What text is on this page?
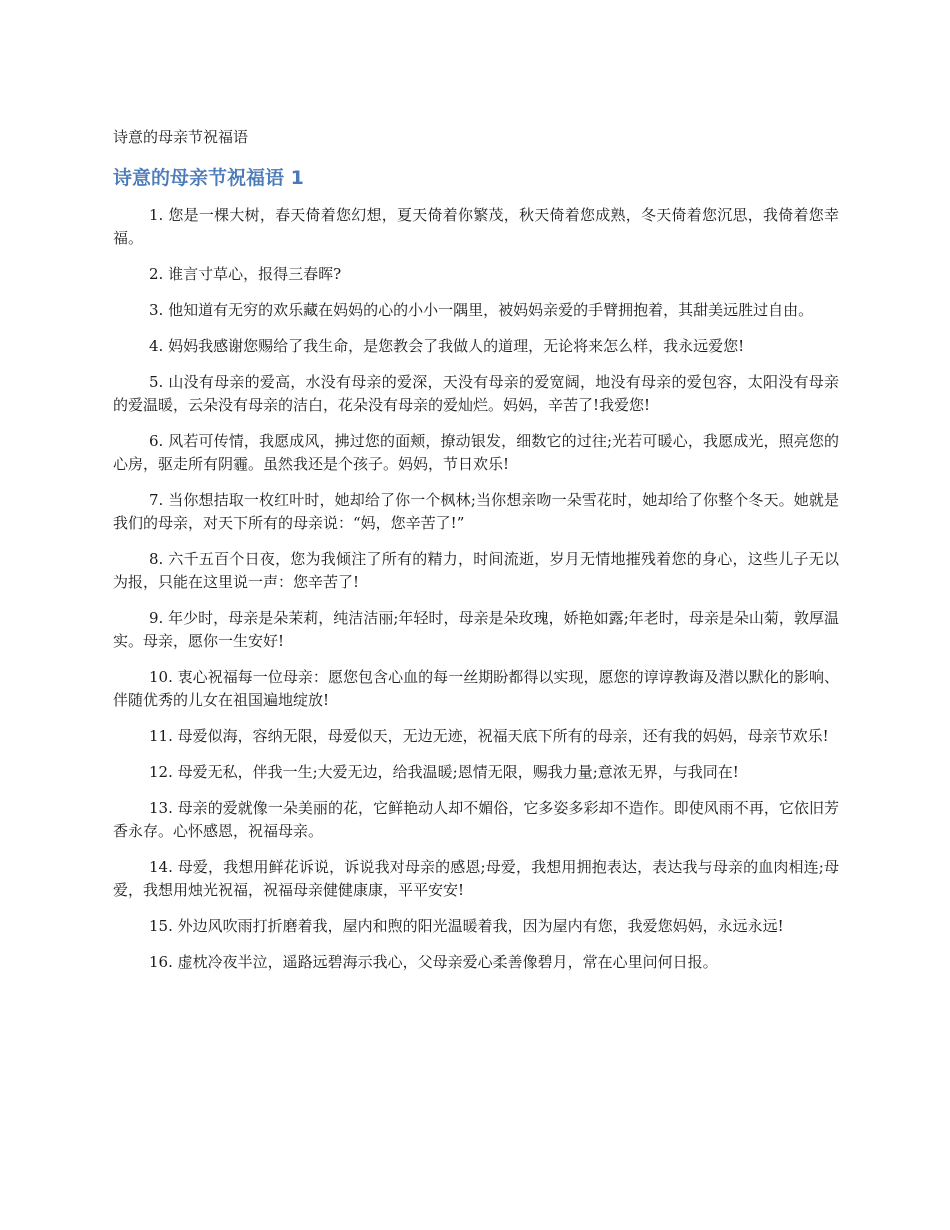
诗意的母亲节祝福语
诗意的母亲节祝福语 1
1. 您是一棵大树，春天倚着您幻想，夏天倚着你繁茂，秋天倚着您成熟，冬天倚着您沉思，我倚着您幸福。
2. 谁言寸草心，报得三春晖?
3. 他知道有无穷的欢乐藏在妈妈的心的小小一隅里，被妈妈亲爱的手臂拥抱着，其甜美远胜过自由。
4. 妈妈我感谢您赐给了我生命，是您教会了我做人的道理，无论将来怎么样，我永远爱您!
5. 山没有母亲的爱高，水没有母亲的爱深，天没有母亲的爱宽阔，地没有母亲的爱包容，太阳没有母亲的爱温暖，云朵没有母亲的洁白，花朵没有母亲的爱灿烂。妈妈，辛苦了!我爱您!
6. 风若可传情，我愿成风，拂过您的面颊，撩动银发，细数它的过往;光若可暖心，我愿成光，照亮您的心房，驱走所有阴霾。虽然我还是个孩子。妈妈，节日欢乐!
7. 当你想拮取一枚红叶时，她却给了你一个枫林;当你想亲吻一朵雪花时，她却给了你整个冬天。她就是我们的母亲，对天下所有的母亲说：“妈，您辛苦了!”
8. 六千五百个日夜，您为我倾注了所有的精力，时间流逝，岁月无情地摧残着您的身心，这些儿子无以为报，只能在这里说一声：您辛苦了!
9. 年少时，母亲是朵茉莉，纯洁洁丽;年轻时，母亲是朵玫瑰，娇艳如露;年老时，母亲是朵山菊，敦厚温实。母亲，愿你一生安好!
10. 衷心祝福每一位母亲：愿您包含心血的每一丝期盼都得以实现，愿您的谆谆教诲及潜以默化的影响、伴随优秀的儿女在祖国遍地绽放!
11. 母爱似海，容纳无限，母爱似天，无边无迹，祝福天底下所有的母亲，还有我的妈妈，母亲节欢乐!
12. 母爱无私，伴我一生;大爱无边，给我温暖;恩情无限，赐我力量;意浓无界，与我同在!
13. 母亲的爱就像一朵美丽的花，它鲜艳动人却不媚俗，它多姿多彩却不造作。即使风雨不再，它依旧芳香永存。心怀感恩，祝福母亲。
14. 母爱，我想用鲜花诉说，诉说我对母亲的感恩;母爱，我想用拥抱表达，表达我与母亲的血肉相连;母爱，我想用烛光祝福，祝福母亲健健康康，平平安安!
15. 外边风吹雨打折磨着我，屋内和煦的阳光温暖着我，因为屋内有您，我爱您妈妈，永远永远!
16. 虚枕冷夜半泣，遥路远碧海示我心，父母亲爱心柔善像碧月，常在心里问何日报。
